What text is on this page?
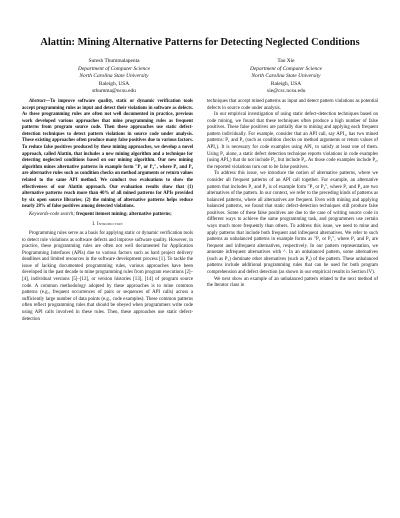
Alattin: Mining Alternative Patterns for Detecting Neglected Conditions
Suresh Thummalapenta
Department of Computer Science
North Carolina State University
Raleigh, USA
sthumma@ncsu.edu
Tao Xie
Department of Computer Science
North Carolina State University
Raleigh, USA
xie@csc.ncsu.edu

Abstract—To improve software quality, static or dynamic verification tools accept programming rules as input and detect their violations in software as defects. As these programming rules are often not well documented in practice, previous work developed various approaches that mine programming rules as frequent patterns from program source code. Then these approaches use static defect-detection techniques to detect pattern violations in source code under analysis. These existing approaches often produce many false positives due to various factors. To reduce false positives produced by these mining approaches, we develop a novel approach, called Alattin, that includes a new mining algorithm and a technique for detecting neglected conditions based on our mining algorithm. Our new mining algorithm mines alternative patterns in example form "P₁ or P₂", where P₁ and P₂ are alternative rules such as condition checks on method arguments or return values related to the same API method. We conduct two evaluations to show the effectiveness of our Alattin approach. Our evaluation results show that (1) alternative patterns reach more than 40% of all mined patterns for APIs provided by six open source libraries; (2) the mining of alternative patterns helps reduce nearly 28% of false positives among detected violations.

Keywords-code search; frequent itemset mining; alternative patterns;

I. Introduction

Programming rules serve as a basis for applying static or dynamic verification tools to detect rule violations as software defects and improve software quality. However, in practice, these programming rules are often not well documented for Application Programming Interfaces (APIs) due to various factors such as hard project delivery deadlines and limited resources in the software development process [1]. To tackle the issue of lacking documented programming rules, various approaches have been developed in the past decade to mine programming rules from program executions [2]–[4], individual versions [5]–[12], or version histories [13], [14] of program source code. A common methodology adopted by these approaches is to mine common patterns (e.g., frequent occurrences of pairs or sequences of API calls) across a sufficiently large number of data points (e.g., code examples). These common patterns often reflect programming rules that should be obeyed when programmers write code using API calls involved in these rules. Then, these approaches use static defect-detection

techniques that accept mined patterns as input and detect pattern violations as potential defects in source code under analysis.

In our empirical investigation of using static defect-detection techniques based on code mining, we found that these techniques often produce a high number of false positives. These false positives are partially due to mining and applying each frequent pattern individually. For example, consider that an API call, say API₁, has two mined patterns: P₁ and P₂ (such as condition checks on method arguments or return values of API₁). It is necessary for code examples using API₁ to satisfy at least one of them. Using P₁ alone, a static defect detection technique reports violations in code examples (using API₁) that do not include P₁, but include P₂. As those code examples include P₂, the reported violations turn out to be false positives.

To address this issue, we introduce the notion of alternative patterns, where we consider all frequent patterns of an API call together. For example, an alternative pattern that includes P₁ and P₂ is of example form "P₁ or P₂", where P₁ and P₂ are two alternatives of the pattern. In our context, we refer to the preceding kinds of patterns as balanced patterns, where all alternatives are frequent. Even with mining and applying balanced patterns, we found that static defect-detection techniques still produce false positives. Some of these false positives are due to the case of writing source code in different ways to achieve the same programming task, and programmers use certain ways much more frequently than others. To address this issue, we need to mine and apply patterns that include both frequent and infrequent alternatives. We refer to such patterns as unbalanced patterns in example forms as "P₁ or P₂", where P₁ and P₂ are frequent and infrequent alternatives, respectively. In our pattern representation, we annotate infrequent alternatives with ^. In an unbalanced pattern, some alternatives (such as P₁) dominate other alternatives (such as P₂) of the pattern. These unbalanced patterns include additional programming rules that can be used for both program comprehension and defect detection (as shown in our empirical results in Section IV).

We next show an example of an unbalanced pattern related to the next method of the Iterator class in
